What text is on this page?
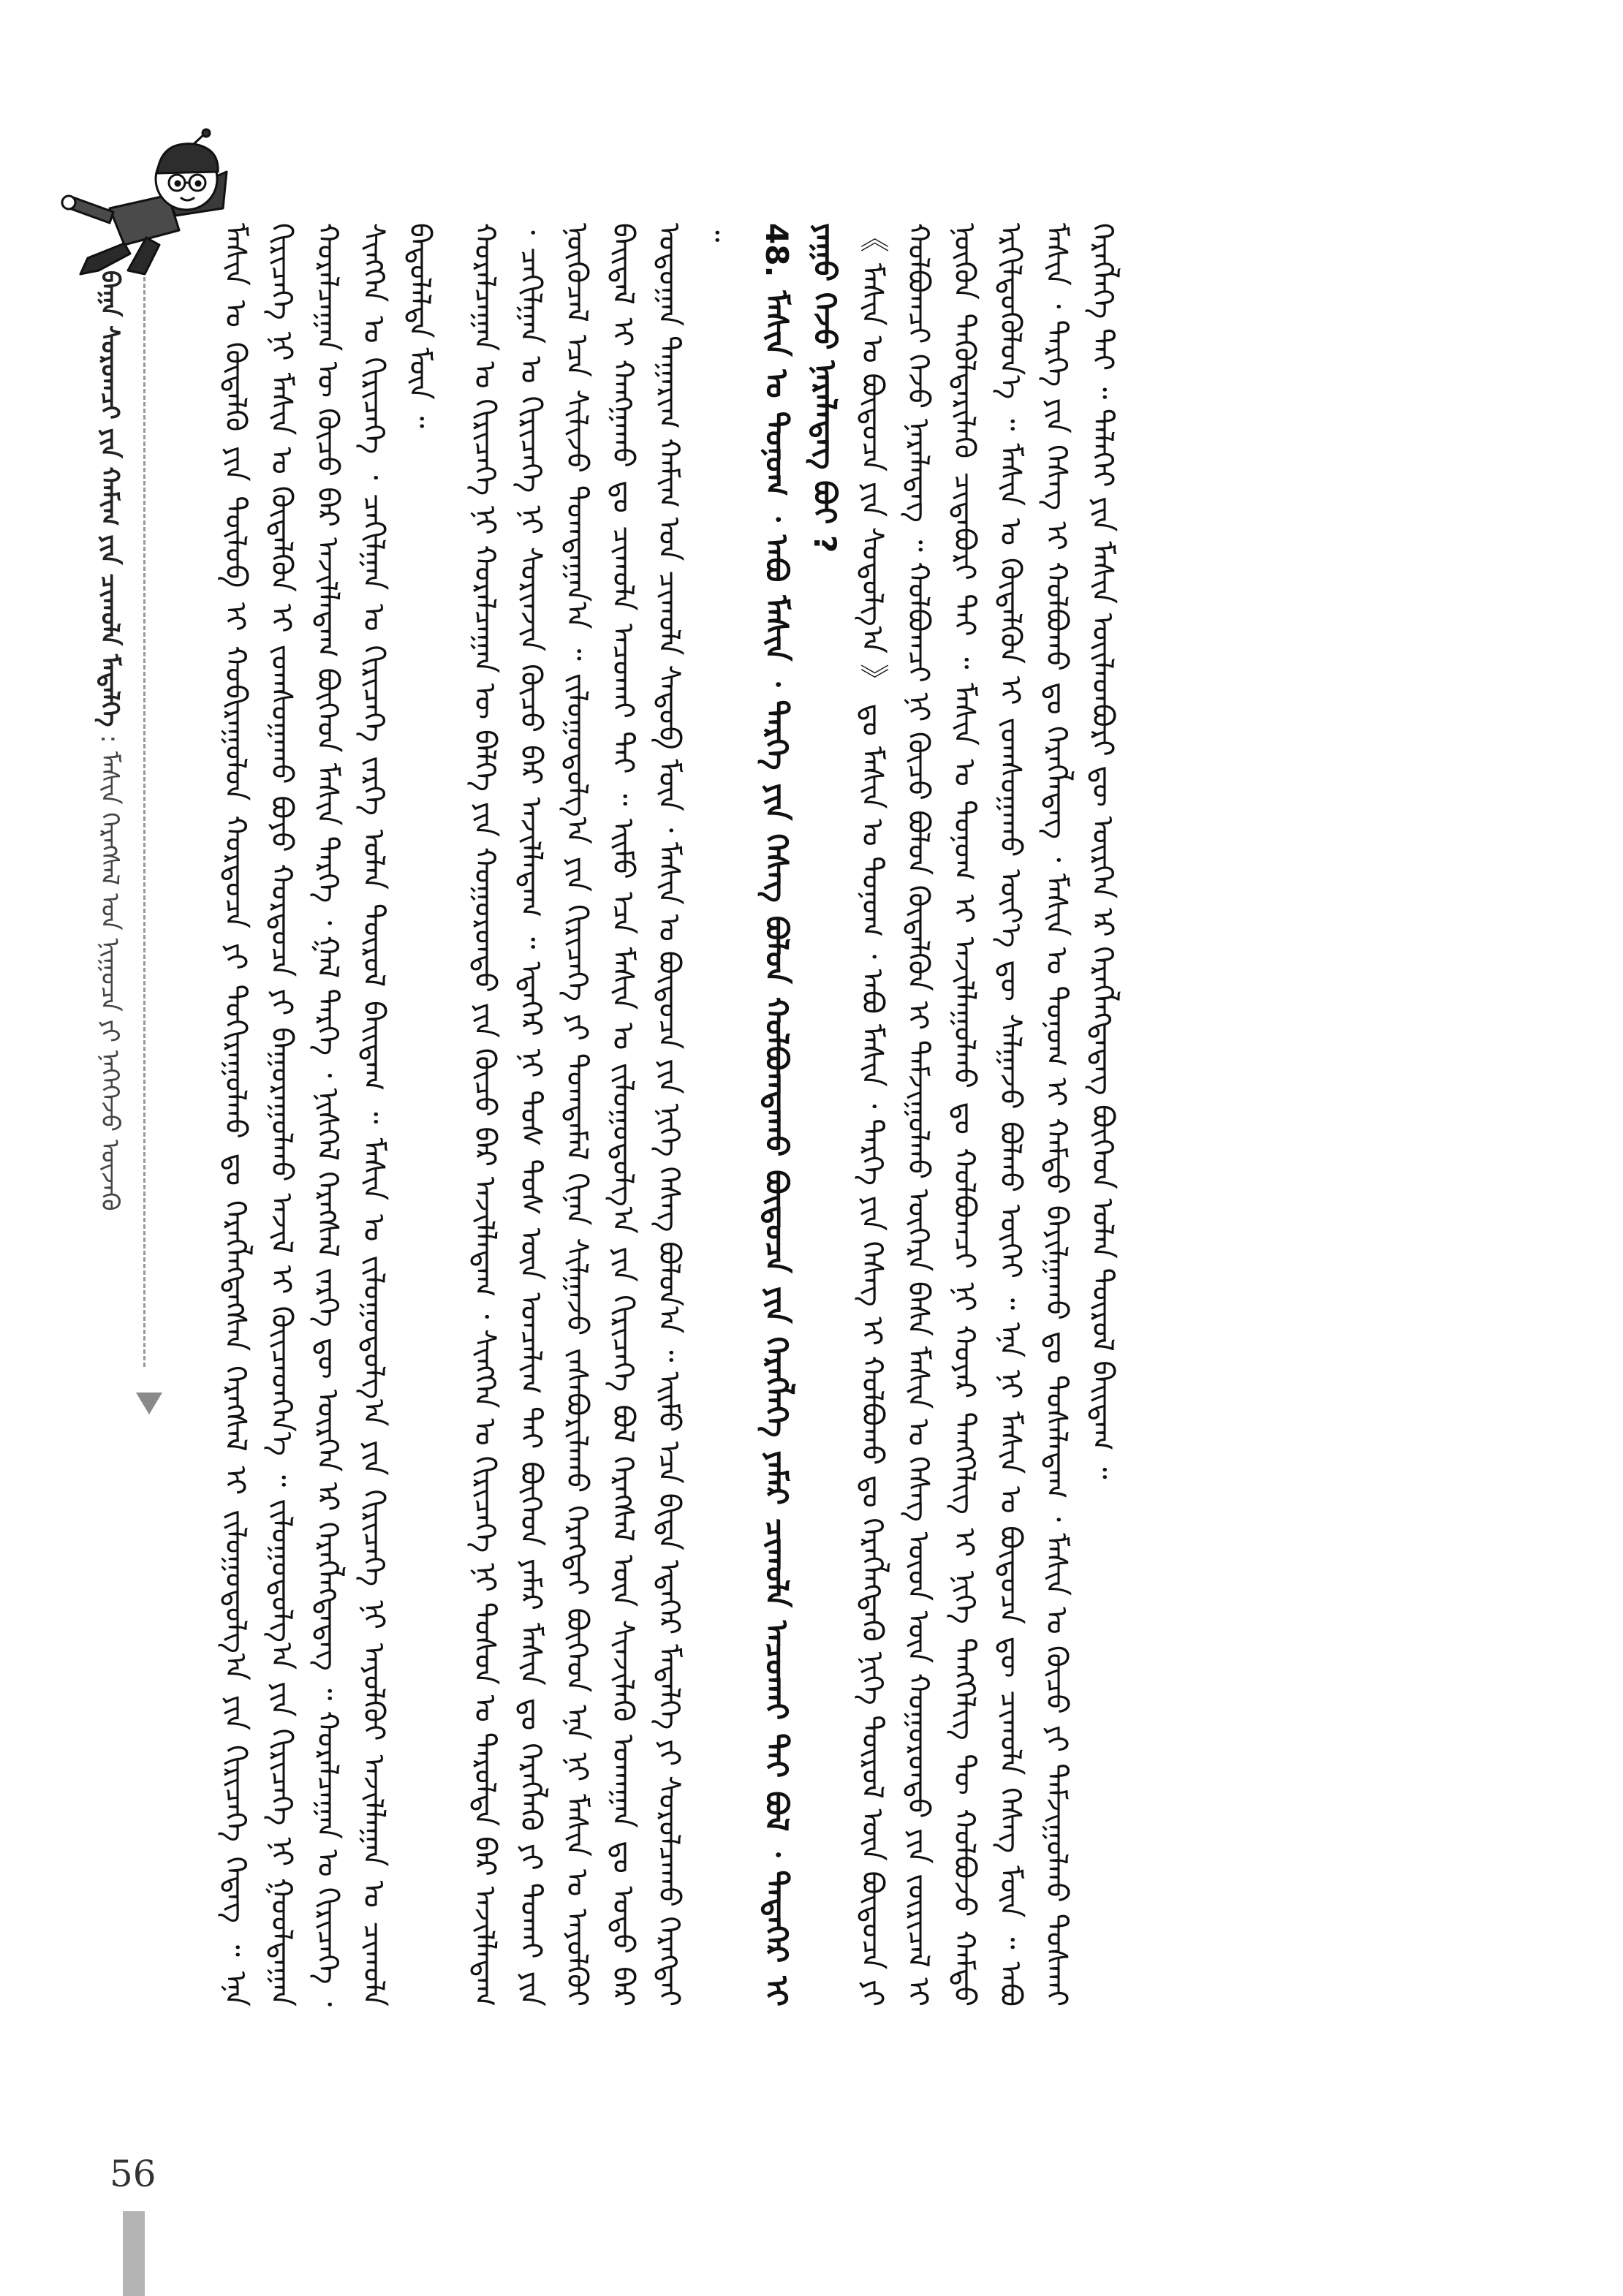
ᠪᠠᠭᠠ ᠰᠤᠷᠤᠭᠴᠢ ᠶᠢᠨ ᠬᠠᠮᠢᠭ ᠶᠢᠨ ᠴᠢᠬᠤᠯᠠ ᠮᠡᠳᠡᠯᠭᠡ : ᠮᠠᠰᠢᠨ ᠬᠡᠷᠡᠭᠰᠡᠯ ᠤᠨ ᠨᠢᠭᠤᠴᠠ ᠶᠢ ᠨᠡᠭᠡᠭᠡᠵᠦ ᠦᠵᠡᠬᠦ	ᠮᠠᠰᠢᠨ ᠤ ᠬᠦᠳᠡᠯᠬᠦ ᠶᠢᠨ ᠲᠥᠯᠥᠪ ᠢ ᠬᠤᠪᠢᠷᠠᠭᠤᠯᠤᠨ ᠬᠤᠷᠳᠤᠴᠠ ᠶᠢ ᠲᠤᠬᠢᠷᠠᠭᠤᠯᠬᠤ ᠳᠤ ᠬᠡᠷᠡᠭᠯᠡᠭᠳᠡᠭᠰᠡᠨ ᠬᠡᠷᠡᠭᠰᠡᠯ ᠢ ᠵᠢᠯᠤᠭᠤᠳᠤᠯᠭ᠎ᠠ ᠶᠢᠨ ᠬᠢᠷᠢᠴᠡᠭᠡ ᠭᠡᠳᠡᠭ ᠃ ᠡᠨᠡ ᠬᠢᠷᠢᠴᠡᠭᠡ ᠨᠢ ᠮᠠᠰᠢᠨ ᠤ ᠬᠦᠳᠡᠯᠬᠦᠨ ᠢ ᠵᠣᠭᠰᠣᠭᠠᠬᠤ ᠪᠤᠶᠤ ᠬᠤᠷᠳᠤᠴᠠ ᠶᠢ ᠪᠠᠭᠤᠷᠠᠭᠤᠯᠬᠤ ᠠᠵᠢᠯ ᠢ ᠭᠦᠢᠴᠡᠳᠭᠡᠨ᠎ᠡ ᠃ ᠵᠢᠯᠤᠭᠤᠳᠤᠯᠭ᠎ᠠ ᠶᠢᠨ ᠬᠢᠷᠢᠴᠡᠭᠡ ᠨᠢ ᠭᠣᠣᠯᠳᠠᠭᠠᠨ ᠬᠤᠷᠠᠯᠴᠠᠭᠠᠨ ᠦ ᠬᠦᠴᠦ ᠪᠡᠷ ᠠᠵᠢᠯᠯᠠᠳᠠᠭ ᠪᠥᠭᠡᠳ ᠮᠠᠰᠢᠨ ᠲᠡᠷᠭᠡ ᠂ ᠭᠠᠯ ᠲᠡᠷᠭᠡ ᠂ ᠨᠢᠰᠬᠡᠯ ᠬᠡᠷᠡᠭᠰᠡᠯ ᠵᠡᠷᠭᠡ ᠳᠦ ᠥᠷᠭᠡᠨ ᠡᠷ ᠬᠡᠷᠡᠭᠯᠡᠭᠳᠡᠳᠡᠭ ᠃ ᠬᠤᠷᠠᠯᠴᠠᠭᠠᠨ ᠤ ᠬᠢᠷᠢᠴᠡᠭᠡ ᠂ ᠰᠢᠩᠭᠡᠨ ᠤ ᠬᠢᠷᠢᠴᠡᠭᠡ ᠂ ᠴᠠᠬᠢᠯᠭᠠᠨ ᠤ ᠬᠢᠷᠢᠴᠡᠭᠡ ᠵᠡᠷᠭᠡ ᠣᠯᠠᠨ ᠲᠥᠷᠥᠯ ᠪᠠᠢᠳᠠᠭ ᠃ ᠮᠠᠰᠢᠨ ᠤ ᠵᠢᠯᠤᠭᠤᠳᠤᠯᠭ᠎ᠠ ᠶᠢᠨ ᠬᠢᠷᠢᠴᠡᠭᠡ ᠨᠢ ᠠᠶᠤᠯᠭᠦᠢ ᠠᠵᠢᠯᠯᠠᠭᠠᠨ ᠤ ᠴᠢᠬᠤᠯᠠ ᠪᠠᠲᠤᠯᠠᠯᠲᠠ ᠮᠥᠨ ᠃ ᠬᠤᠷᠠᠯᠴᠠᠭᠠᠨ ᠤ ᠬᠢᠷᠢᠴᠡᠭᠡ ᠨᠢ ᠬᠤᠷᠠᠯᠴᠠᠭᠠᠨ ᠦ ᠪᠡᠯᠭᠡ ᠶᠢᠨ ᠬᠣᠭᠣᠷᠣᠨᠳᠤ ᠶᠢᠨ ᠬᠦᠴᠦ ᠪᠡᠷ ᠠᠵᠢᠯᠯᠠᠳᠠᠭ ᠂ ᠰᠢᠩᠭᠡᠨ ᠤ ᠬᠢᠷᠢᠴᠡᠭᠡ ᠨᠢ ᠲᠣᠰᠤᠨ ᠤ ᠳᠠᠷᠤᠯᠲᠠ ᠪᠡᠷ ᠠᠵᠢᠯᠯᠠᠳᠠᠭ ᠂ ᠴᠠᠬᠢᠯᠭᠠᠨ ᠤ ᠬᠢᠷᠢᠴᠡᠭᠡ ᠨᠢ ᠰᠣᠷᠢᠨᠵᠢᠨ ᠬᠦᠴᠦ ᠪᠡᠷ ᠠᠵᠢᠯᠯᠠᠳᠠᠭ ᠃ ᠡᠳᠡᠭᠡᠷ ᠨᠢ ᠲᠤᠰ ᠲᠤᠰ ᠦᠨ ᠣᠨᠴᠠᠯᠢᠭ ᠲᠠᠢ ᠪᠥᠭᠡᠳ ᠶᠠᠮᠠᠷ ᠮᠠᠰᠢᠨ ᠳᠤ ᠬᠡᠷᠡᠭᠯᠡᠬᠦ ᠶᠢ ᠲᠤᠬᠠᠢ ᠶᠢᠨ ᠨᠥᠬᠥᠴᠡᠯ ᠡᠴᠡ ᠰᠢᠯᠢᠵᠤ ᠲᠣᠭᠲᠠᠭᠠᠨ᠎ᠠ ᠃ ᠵᠢᠯᠤᠭᠤᠳᠤᠯᠭ᠎ᠠ ᠶᠢᠨ ᠬᠢᠷᠢᠴᠡᠭᠡ ᠶᠢ ᠲᠣᠭᠲᠠᠮᠠᠯ ᠬᠢᠨᠠᠨ ᠰᠢᠯᠭᠠᠵᠤ ᠵᠠᠰᠠᠪᠤᠷᠢᠯᠠᠬᠤ ᠬᠡᠷᠡᠭᠲᠡᠢ ᠪᠥᠭᠡᠳ ᠡᠨᠡ ᠨᠢ ᠮᠠᠰᠢᠨ ᠤ ᠠᠶᠤᠯᠭᠦᠢ ᠪᠠᠢᠳᠠᠯ ᠢ ᠬᠠᠩᠭᠠᠬᠤ ᠳᠤ ᠴᠢᠬᠤᠯᠠ ᠠᠴᠤᠬᠠᠢ ᠲᠠᠢ ᠃ ᠡᠢᠮᠦ ᠡᠴᠡ ᠮᠠᠰᠢᠨ ᠤ ᠵᠢᠯᠤᠭᠤᠳᠤᠯᠭ᠎ᠠ ᠶᠢᠨ ᠬᠢᠷᠢᠴᠡᠭᠡ ᠪᠣᠯ ᠬᠡᠷᠡᠭᠰᠡᠯ ᠦᠨ ᠰᠢᠨᠵᠢᠯᠡᠬᠦ ᠤᠬᠠᠭᠠᠨ ᠳᠤ ᠣᠳᠣ ᠪᠠᠷ ᠤᠳᠤᠭᠠᠨ ᠳᠠᠭᠠᠷᠢᠭ ᠬᠠᠮᠢᠭ ᠤᠨ ᠴᠢᠬᠤᠯᠠ ᠰᠡᠳᠦᠪ ᠮᠥᠨ ᠂ ᠮᠠᠰᠢᠨ ᠤ ᠪᠦᠲᠦᠴᠡ ᠶᠢᠨ ᠨᠢᠭᠡ ᠬᠡᠰᠡᠭ ᠪᠣᠯᠤᠨ᠎ᠠ ᠃ ᠡᠢᠮᠦ ᠡᠴᠡ ᠪᠢᠳᠡ ᠡᠳᠡᠭᠡᠷ ᠮᠡᠳᠡᠯᠭᠡ ᠶᠢ ᠰᠤᠷᠤᠯᠴᠠᠬᠤ ᠬᠡᠷᠡᠭᠲᠡᠢ ᠃ 48. ᠮᠠᠰᠢᠨ ᠤ ᠲᠣᠨᠣᠭ ᠂ ᠠᠪᠤ ᠮᠠᠰᠢᠨ ᠂ ᠲᠡᠷᠭᠡ ᠶᠢᠨ ᠬᠡᠰᠡᠭ ᠪᠣᠯᠤᠨ ᠬᠣᠯᠪᠣᠭᠳᠠᠬᠤ ᠪᠦᠲᠦᠴᠡ ᠶᠢᠨ ᠬᠡᠷᠡᠭᠯᠡᠭᠡ ᠶᠠᠮᠠᠷ ᠴᠢᠬᠤᠯᠠ ᠠᠴᠤᠬᠠᠢ ᠲᠠᠢ ᠪᠣᠯ ᠂ ᠲᠡᠳᠡᠭᠡᠷ ᠢ ᠶᠠᠭᠤ ᠭᠡᠵᠦ ᠨᠡᠷᠡᠯᠡᠳᠡᠭ ᠪᠤᠢ ? 《 ᠮᠠᠰᠢᠨ ᠤ ᠪᠦᠲᠦᠴᠡ ᠶᠢᠨ ᠰᠤᠳᠤᠯᠭ᠎ᠠ 》 ᠳᠤ ᠮᠠᠰᠢᠨ ᠤ ᠲᠣᠨᠣᠭ ᠂ ᠠᠪᠤ ᠮᠠᠰᠢᠨ ᠂ ᠲᠡᠷᠭᠡ ᠶᠢᠨ ᠬᠡᠰᠡᠭ ᠢ ᠬᠣᠯᠪᠣᠬᠤ ᠳᠤ ᠬᠡᠷᠡᠭᠯᠡᠭᠳᠡᠬᠦ ᠨᠢᠭᠡ ᠲᠥᠷᠥᠯ ᠦᠨ ᠪᠦᠲᠦᠴᠡ ᠶᠢ ᠬᠣᠯᠪᠣᠭᠴᠢ ᠭᠡᠵᠦ ᠨᠡᠷᠡᠯᠡᠳᠡᠭ ᠃ ᠬᠣᠯᠪᠣᠭᠴᠢ ᠨᠢ ᠬᠦᠴᠦ ᠪᠣᠯᠤᠨ ᠬᠦᠳᠡᠯᠬᠦᠨ ᠢ ᠳᠠᠮᠵᠢᠭᠤᠯᠬᠤ ᠥᠭᠡᠷᠡ ᠪᠠᠰᠠ ᠮᠠᠰᠢᠨ ᠤ ᠬᠡᠰᠡᠭ ᠦᠳ ᠦᠨ ᠬᠣᠭᠣᠷᠣᠨᠳᠤ ᠶᠢᠨ ᠵᠥᠷᠢᠴᠡᠯ ᠢ ᠨᠥᠬᠥᠨ ᠲᠡᠭᠦᠯᠳᠡᠷᠢᠯᠡᠬᠦ ᠴᠢᠳᠠᠪᠤᠷᠢ ᠲᠠᠢ ᠃ ᠮᠠᠰᠢᠨ ᠤ ᠲᠣᠨᠣᠭ ᠢ ᠠᠵᠢᠯᠯᠠᠭᠤᠯᠬᠤ ᠳᠤ ᠬᠣᠯᠪᠣᠭᠴᠢ ᠨᠢ ᠬᠣᠶᠠᠷ ᠲᠡᠩᠭᠡᠯᠢᠭ ᠢ ᠨᠢᠭᠡ ᠲᠡᠩᠭᠡᠯᠢᠭ ᠲᠦ ᠬᠣᠯᠪᠣᠵᠤ ᠬᠠᠮᠲᠤ ᠡᠷᠭᠢᠯᠳᠦᠭᠦᠯᠦᠨ᠎ᠡ ᠃ ᠮᠠᠰᠢᠨ ᠤ ᠬᠦᠳᠡᠯᠬᠦᠨ ᠢ ᠵᠣᠭᠰᠣᠭᠠᠬᠤ ᠦᠶ᠎ᠡ ᠳᠦ ᠰᠠᠯᠭᠠᠵᠤ ᠪᠣᠯᠬᠤ ᠦᠭᠡᠢ ᠃ ᠡᠨᠡ ᠨᠢ ᠮᠠᠰᠢᠨ ᠤ ᠪᠦᠲᠦᠴᠡ ᠳᠦ ᠴᠢᠬᠤᠯᠠ ᠬᠡᠰᠡᠭ ᠮᠥᠨ ᠃ ᠠᠪᠤ ᠮᠠᠰᠢᠨ ᠂ ᠲᠡᠷᠭᠡ ᠶᠢᠨ ᠬᠡᠰᠡᠭ ᠢ ᠬᠣᠯᠪᠣᠬᠤ ᠳᠤ ᠬᠡᠷᠡᠭᠯᠡᠳᠡᠭ ᠂ ᠮᠠᠰᠢᠨ ᠤ ᠲᠣᠨᠣᠭ ᠢ ᠬᠠᠮᠲᠤ ᠪᠠᠶᠢᠯᠭᠠᠬᠤ ᠳᠤ ᠲᠤᠰᠠᠯᠠᠳᠠᠭ ᠂ ᠮᠠᠰᠢᠨ ᠤ ᠬᠦᠴᠦ ᠶᠢ ᠳᠠᠮᠵᠢᠭᠤᠯᠬᠤ ᠲᠤᠰᠬᠠᠢ ᠬᠡᠷᠡᠭᠯᠡᠭᠡ ᠲᠠᠢ ᠃ ᠳᠡᠯᠡᠬᠡᠢ ᠶᠢᠨ ᠮᠠᠰᠢᠨ ᠦᠢᠯᠡᠳᠪᠦᠷᠢ ᠳᠦ ᠥᠷᠭᠡᠨ ᠡᠷ ᠬᠡᠷᠡᠭᠯᠡᠭᠳᠡᠳᠡᠭ ᠪᠥᠭᠡᠳ ᠣᠯᠠᠨ ᠲᠥᠷᠥᠯ ᠪᠠᠢᠳᠠᠭ ᠃

56
